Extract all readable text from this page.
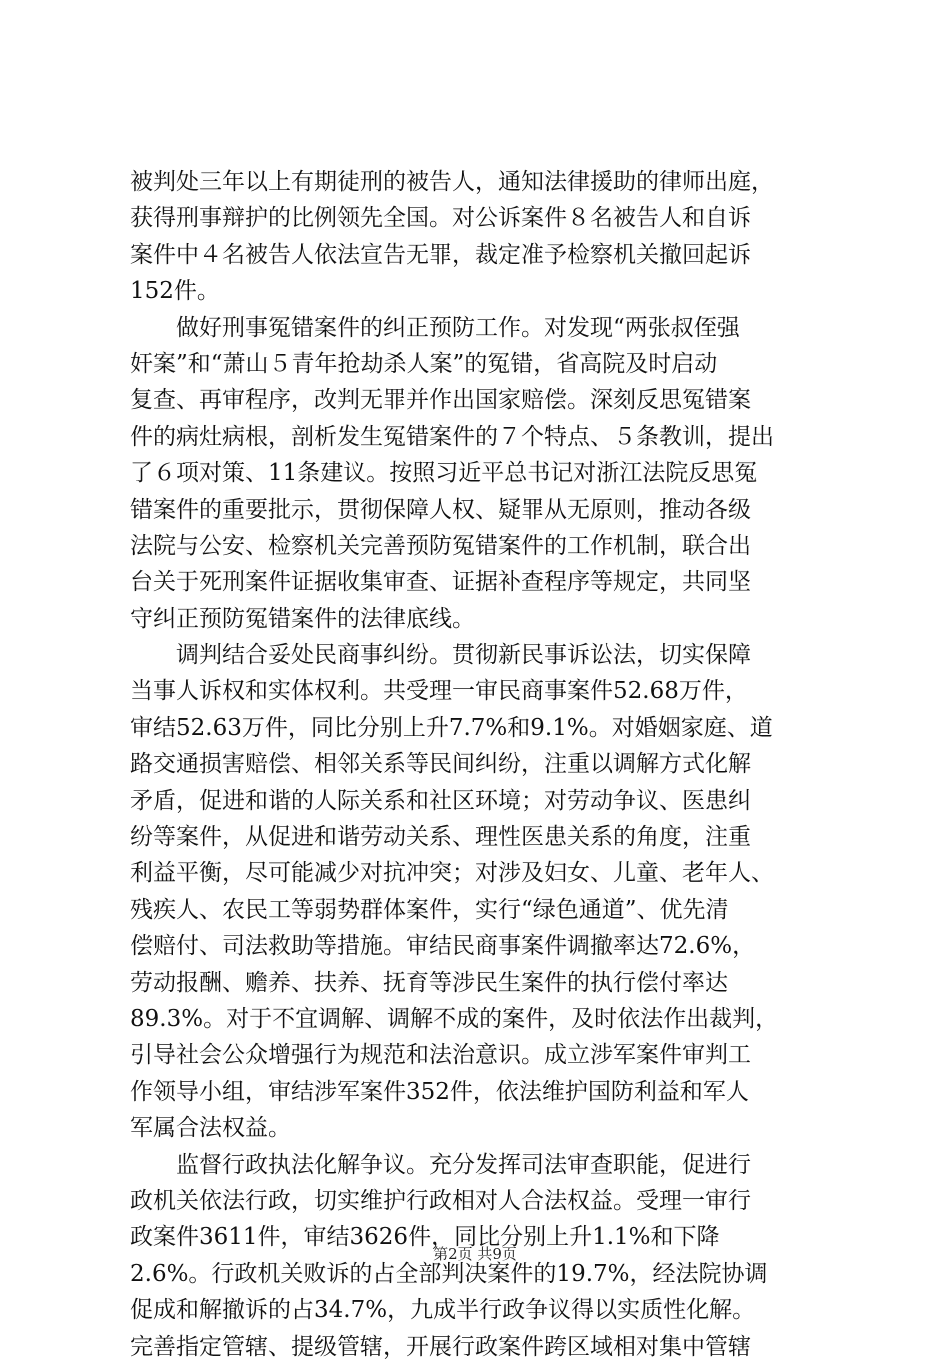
被判处三年以上有期徒刑的被告人，通知法律援助的律师出庭，
获得刑事辩护的比例领先全国。对公诉案件８名被告人和自诉
案件中４名被告人依法宣告无罪，裁定准予检察机关撤回起诉
152件。
　　做好刑事冤错案件的纠正预防工作。对发现“两张叔侄强
奸案”和“萧山５青年抢劫杀人案”的冤错，省高院及时启动
复查、再审程序，改判无罪并作出国家赔偿。深刻反思冤错案
件的病灶病根，剖析发生冤错案件的７个特点、５条教训，提出
了６项对策、11条建议。按照习近平总书记对浙江法院反思冤
错案件的重要批示，贯彻保障人权、疑罪从无原则，推动各级
法院与公安、检察机关完善预防冤错案件的工作机制，联合出
台关于死刑案件证据收集审查、证据补查程序等规定，共同坚
守纠正预防冤错案件的法律底线。
　　调判结合妥处民商事纠纷。贯彻新民事诉讼法，切实保障
当事人诉权和实体权利。共受理一审民商事案件52.68万件，
审结52.63万件，同比分别上升7.7%和9.1%。对婚姻家庭、道
路交通损害赔偿、相邻关系等民间纠纷，注重以调解方式化解
矛盾，促进和谐的人际关系和社区环境；对劳动争议、医患纠
纷等案件，从促进和谐劳动关系、理性医患关系的角度，注重
利益平衡，尽可能减少对抗冲突；对涉及妇女、儿童、老年人、
残疾人、农民工等弱势群体案件，实行“绿色通道”、优先清
偿赔付、司法救助等措施。审结民商事案件调撤率达72.6%，
劳动报酬、赡养、扶养、抚育等涉民生案件的执行偿付率达
89.3%。对于不宜调解、调解不成的案件，及时依法作出裁判，
引导社会公众增强行为规范和法治意识。成立涉军案件审判工
作领导小组，审结涉军案件352件，依法维护国防利益和军人
军属合法权益。
　　监督行政执法化解争议。充分发挥司法审查职能，促进行
政机关依法行政，切实维护行政相对人合法权益。受理一审行
政案件3611件，审结3626件，同比分别上升1.1%和下降
2.6%。行政机关败诉的占全部判决案件的19.7%，经法院协调
促成和解撤诉的占34.7%，九成半行政争议得以实质性化解。
完善指定管辖、提级管辖，开展行政案件跨区域相对集中管辖
第2页 共9页
